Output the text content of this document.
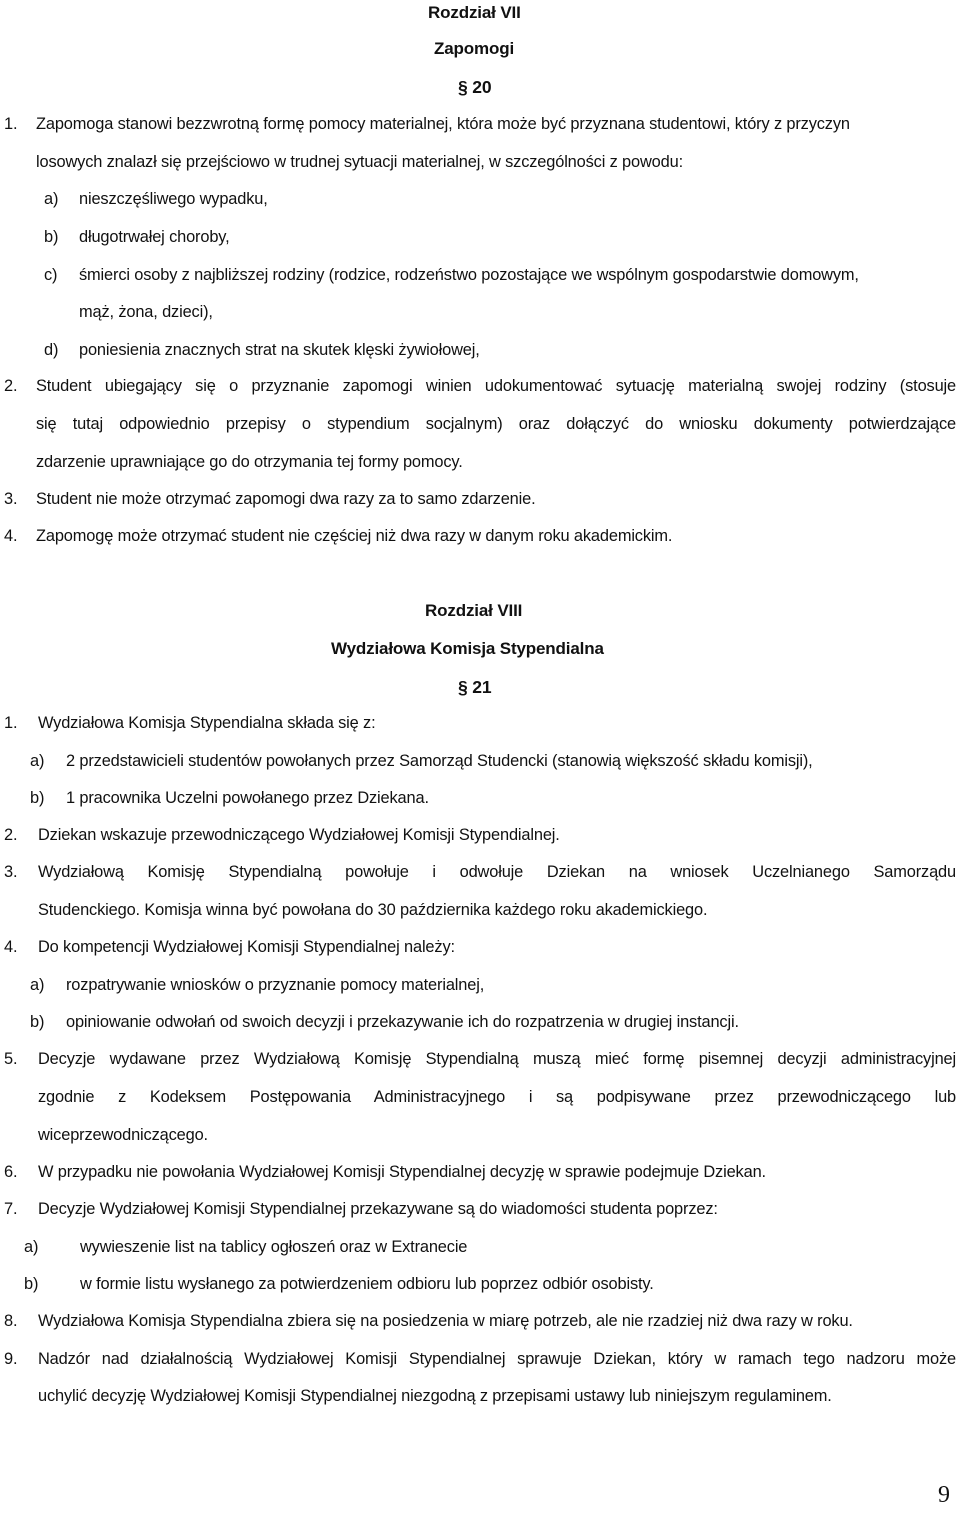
Rozdział VII
Zapomogi
§ 20
1. Zapomoga stanowi bezzwrotną formę pomocy materialnej, która może być przyznana studentowi, który z przyczyn
losowych znalazł się przejściowo w trudnej sytuacji materialnej, w szczególności z powodu:
a) nieszczęśliwego wypadku,
b) długotrwałej choroby,
c) śmierci osoby z najbliższej rodziny (rodzice, rodzeństwo pozostające we wspólnym gospodarstwie domowym,
mąż, żona, dzieci),
d) poniesienia znacznych strat na skutek klęski żywiołowej,
2. Student ubiegający się o przyznanie zapomogi winien udokumentować sytuację materialną swojej rodziny (stosuje
się tutaj odpowiednio przepisy o stypendium socjalnym) oraz dołączyć do wniosku dokumenty potwierdzające
zdarzenie uprawniające go do otrzymania tej formy pomocy.
3. Student nie może otrzymać zapomogi dwa razy za to samo zdarzenie.
4. Zapomogę może otrzymać student nie częściej niż dwa razy w danym roku akademickim.
Rozdział VIII
Wydziałowa Komisja Stypendialna
§ 21
1. Wydziałowa Komisja Stypendialna składa się z:
a) 2 przedstawicieli studentów powołanych przez Samorząd Studencki (stanowią większość składu komisji),
b) 1 pracownika Uczelni powołanego przez Dziekana.
2. Dziekan wskazuje przewodniczącego Wydziałowej Komisji Stypendialnej.
3. Wydziałową Komisję Stypendialną powołuje i odwołuje Dziekan na wniosek Uczelnianego Samorządu
Studenckiego. Komisja winna być powołana do 30 października każdego roku akademickiego.
4. Do kompetencji Wydziałowej Komisji Stypendialnej należy:
a) rozpatrywanie wniosków o przyznanie pomocy materialnej,
b) opiniowanie odwołań od swoich decyzji i przekazywanie ich do rozpatrzenia w drugiej instancji.
5. Decyzje wydawane przez Wydziałową Komisję Stypendialną muszą mieć formę pisemnej decyzji administracyjnej
zgodnie z Kodeksem Postępowania Administracyjnego i są podpisywane przez przewodniczącego lub
wiceprzewodniczącego.
6. W przypadku nie powołania Wydziałowej Komisji Stypendialnej decyzję w sprawie podejmuje Dziekan.
7. Decyzje Wydziałowej Komisji Stypendialnej przekazywane są do wiadomości studenta poprzez:
a)	wywieszenie list na tablicy ogłoszeń oraz w Extranecie
b)	w formie listu wysłanego za potwierdzeniem odbioru lub poprzez odbiór osobisty.
8. Wydziałowa Komisja Stypendialna zbiera się na posiedzenia w miarę potrzeb, ale nie rzadziej niż dwa razy w roku.
9. Nadzór nad działalnością Wydziałowej Komisji Stypendialnej sprawuje Dziekan, który w ramach tego nadzoru może
uchylić decyzję Wydziałowej Komisji Stypendialnej niezgodną z przepisami ustawy lub niniejszym regulaminem.
9
